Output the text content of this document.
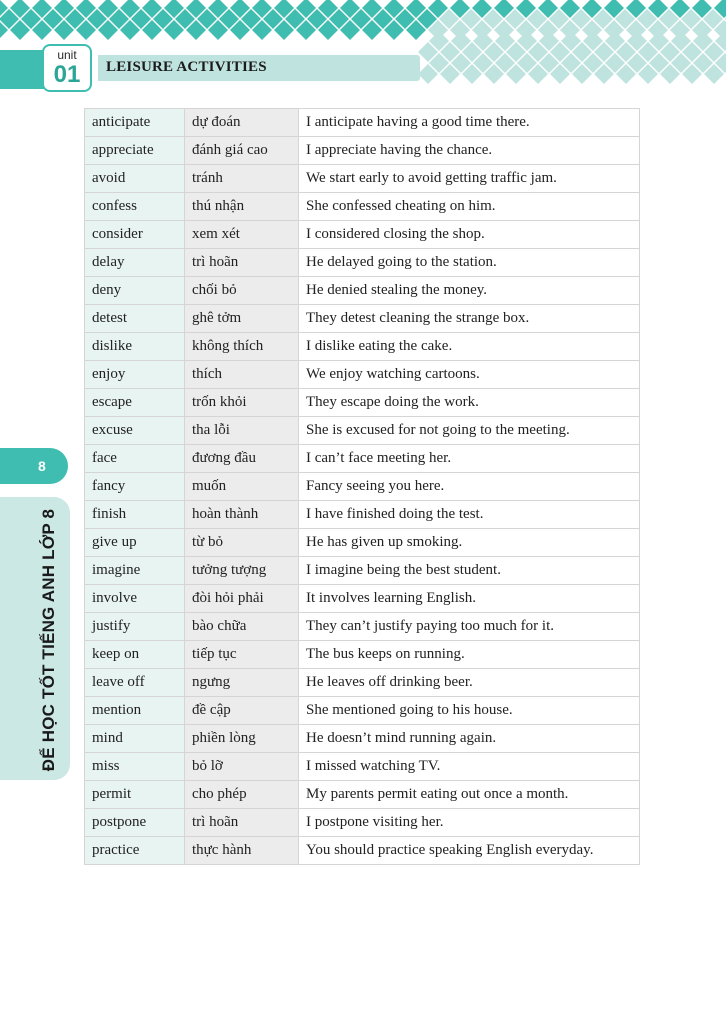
unit
01	LEISURE ACTIVITIES
8
ĐỂ HỌC TỐT TIẾNG ANH LỚP 8
anticipate	dự đoán	I anticipate having a good time there.
appreciate	đánh giá cao	I appreciate having the chance.
avoid	tránh	We start early to avoid getting traffic jam.
confess	thú nhận	She confessed cheating on him.
consider	xem xét	I considered closing the shop.
delay	trì hoãn	He delayed going to the station.
deny	chối bỏ	He denied stealing the money.
detest	ghê tởm	They detest cleaning the strange box.
dislike	không thích	I dislike eating the cake.
enjoy	thích	We enjoy watching cartoons.
escape	trốn khỏi	They escape doing the work.
excuse	tha lỗi	She is excused for not going to the meeting.
face	đương đầu	I can’t face meeting her.
fancy	muốn	Fancy seeing you here.
finish	hoàn thành	I have finished doing the test.
give up	từ bỏ	He has given up smoking.
imagine	tưởng tượng	I imagine being the best student.
involve	đòi hỏi phải	It involves learning English.
justify	bào chữa	They can’t justify paying too much for it.
keep on	tiếp tục	The bus keeps on running.
leave off	ngưng	He leaves off drinking beer.
mention	đề cập	She mentioned going to his house.
mind	phiền lòng	He doesn’t mind running again.
miss	bỏ lỡ	I missed watching TV.
permit	cho phép	My parents permit eating out once a month.
postpone	trì hoãn	I postpone visiting her.
practice	thực hành	You should practice speaking English everyday.
